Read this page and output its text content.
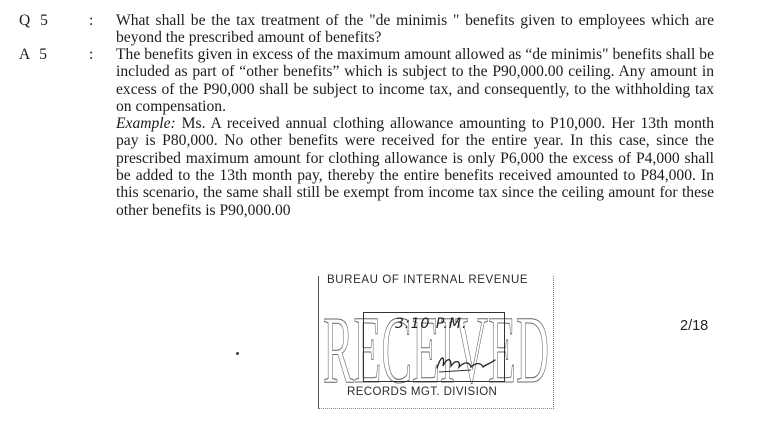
Q 5 : What shall be the tax treatment of the "de minimis " benefits given to employees which are beyond the prescribed amount of benefits?

A 5	: The benefits given in excess of the maximum amount allowed as “de minimis" benefits shall be included as part of “other benefits” which is subject to the P90,000.00 ceiling. Any amount in excess of the P90,000 shall be subject to income tax, and consequently, to the withholding tax on compensation.

Example: Ms. A received annual clothing allowance amounting to P10,000. Her 13th month pay is P80,000. No other benefits were received for the entire year. In this case, since the prescribed maximum amount for clothing allowance is only P6,000 the excess of P4,000 shall be added to the 13th month pay, thereby the entire benefits received amounted to P84,000. In this scenario, the same shall still be exempt from income tax since the ceiling amount for these other benefits is P90,000.00

RECEIVED
BUREAU OF INTERNAL REVENUE
3:10 P.M.
RECORDS MGT. DIVISION
2/18
